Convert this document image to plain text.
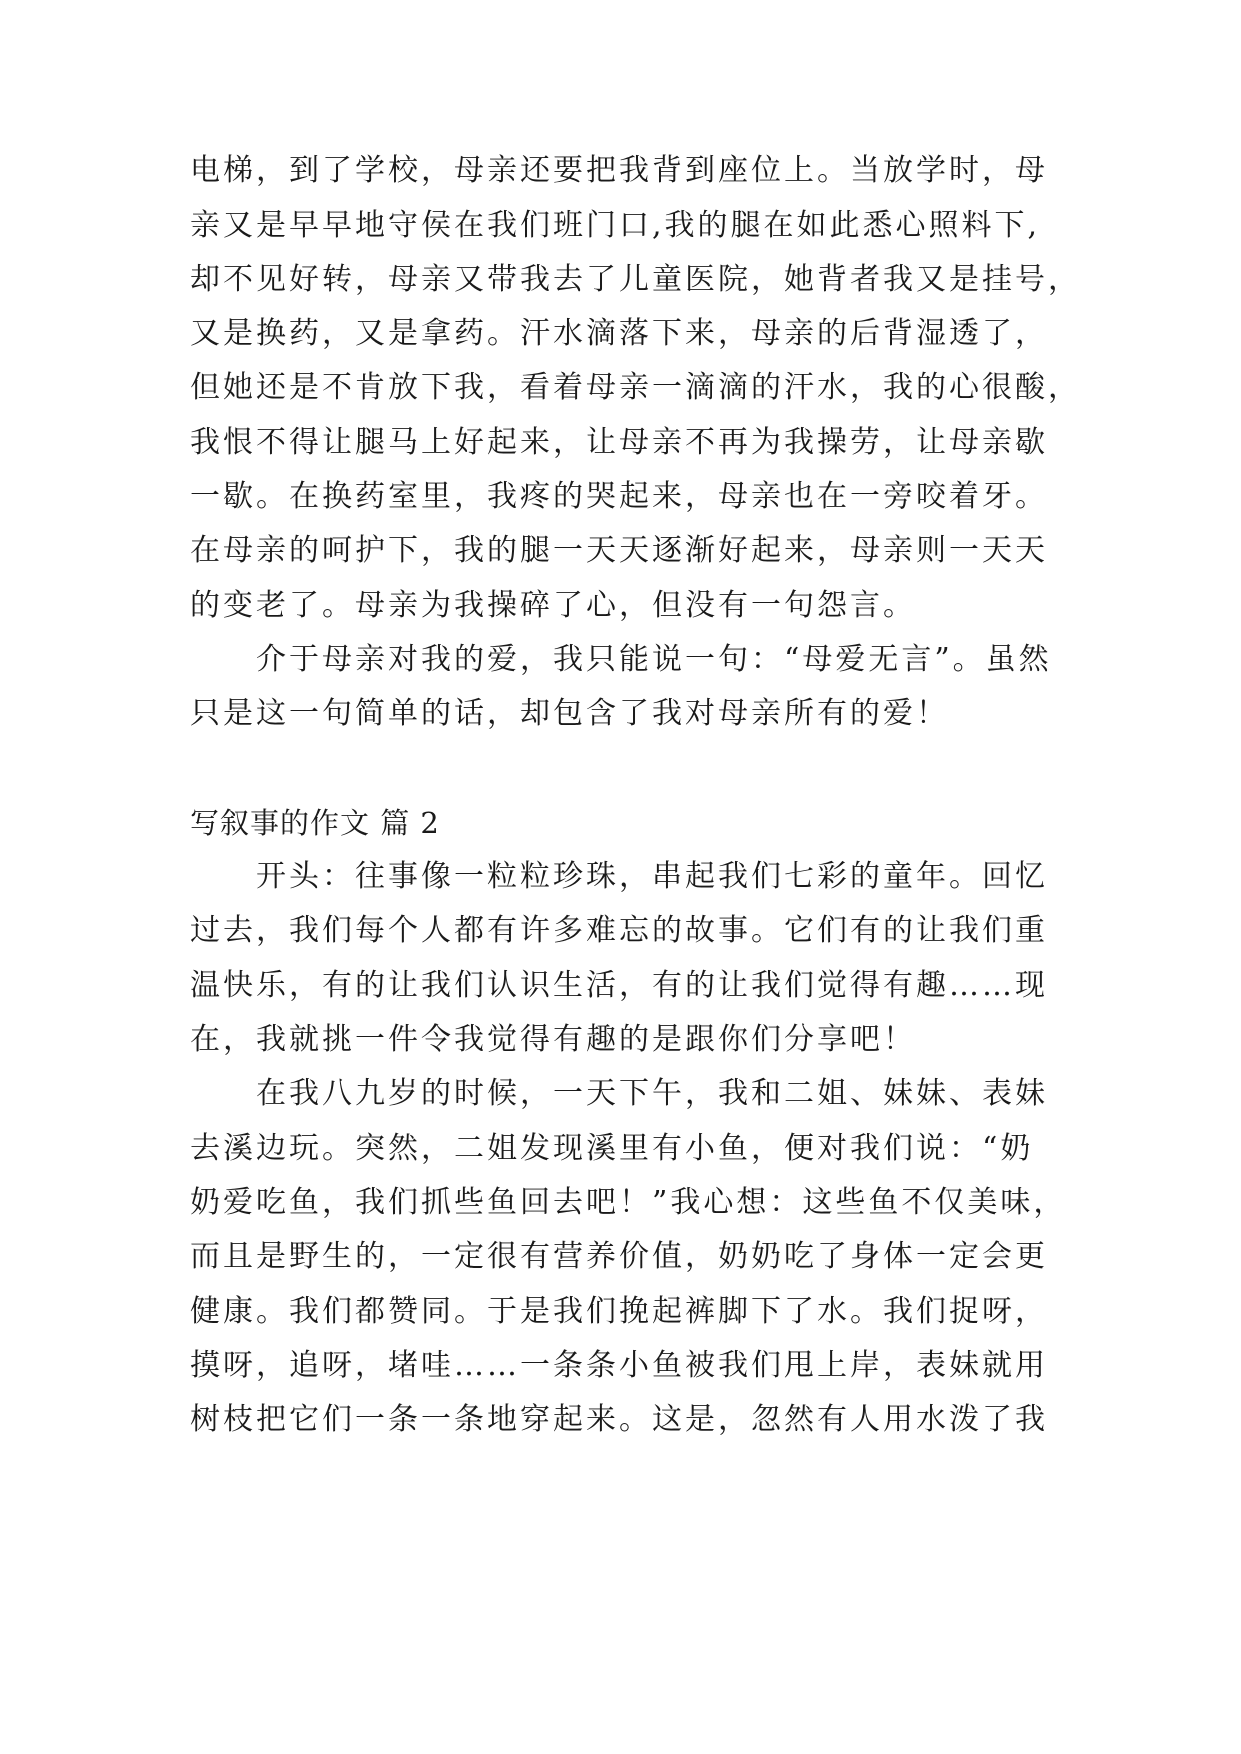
电梯，到了学校，母亲还要把我背到座位上。当放学时，母
亲又是早早地守侯在我们班门口,我的腿在如此悉心照料下,
却不见好转，母亲又带我去了儿童医院，她背者我又是挂号，
又是换药，又是拿药。汗水滴落下来，母亲的后背湿透了，
但她还是不肯放下我，看着母亲一滴滴的汗水，我的心很酸，
我恨不得让腿马上好起来，让母亲不再为我操劳，让母亲歇
一歇。在换药室里，我疼的哭起来，母亲也在一旁咬着牙。
在母亲的呵护下，我的腿一天天逐渐好起来，母亲则一天天
的变老了。母亲为我操碎了心，但没有一句怨言。
　　介于母亲对我的爱，我只能说一句：“母爱无言”。虽然
只是这一句简单的话，却包含了我对母亲所有的爱！
写叙事的作文 篇 2
　　开头：往事像一粒粒珍珠，串起我们七彩的童年。回忆
过去，我们每个人都有许多难忘的故事。它们有的让我们重
温快乐，有的让我们认识生活，有的让我们觉得有趣……现
在，我就挑一件令我觉得有趣的是跟你们分享吧！
　　在我八九岁的时候，一天下午，我和二姐、妹妹、表妹
去溪边玩。突然，二姐发现溪里有小鱼，便对我们说：“奶
奶爱吃鱼，我们抓些鱼回去吧！”我心想：这些鱼不仅美味，
而且是野生的，一定很有营养价值，奶奶吃了身体一定会更
健康。我们都赞同。于是我们挽起裤脚下了水。我们捉呀，
摸呀，追呀，堵哇……一条条小鱼被我们甩上岸，表妹就用
树枝把它们一条一条地穿起来。这是，忽然有人用水泼了我
